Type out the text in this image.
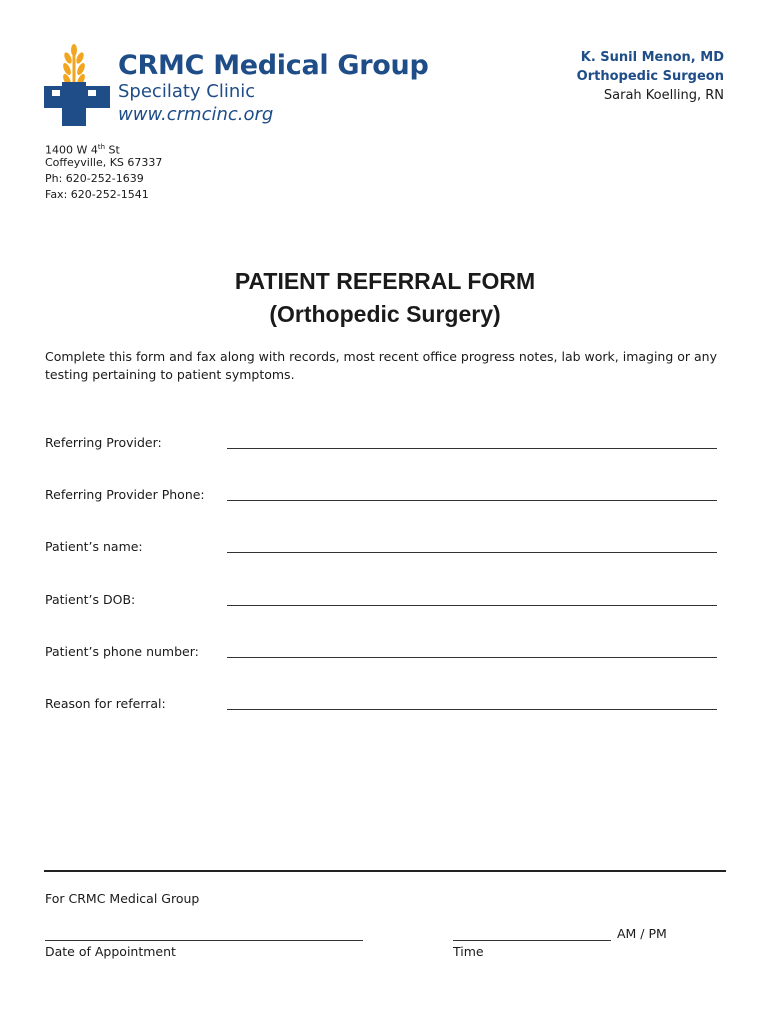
CRMC Medical Group
Specilaty Clinic
www.crmcinc.org
K. Sunil Menon, MD
Orthopedic Surgeon
Sarah Koelling, RN
1400 W 4th St
Coffeyville, KS 67337
Ph: 620-252-1639
Fax: 620-252-1541
PATIENT REFERRAL FORM
(Orthopedic Surgery)
Complete this form and fax along with records, most recent office progress notes, lab work, imaging or any testing pertaining to patient symptoms.
Referring Provider:
Referring Provider Phone:
Patient’s name:
Patient’s DOB:
Patient’s phone number:
Reason for referral:
For CRMC Medical Group
Date of Appointment
AM / PM
Time
